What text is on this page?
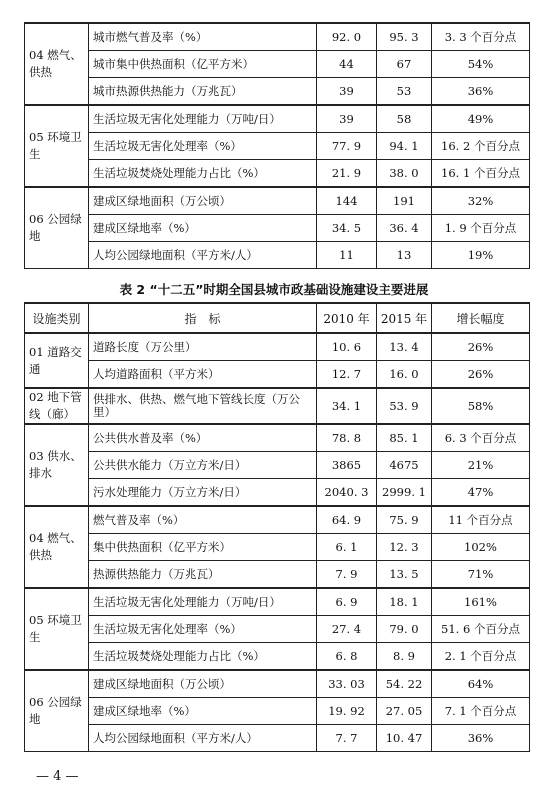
04 燃气、供热	城市燃气普及率（%）	92. 0	95. 3	3. 3 个百分点
	城市集中供热面积（亿平方米）	44	67	54%
	城市热源供热能力（万兆瓦）	39	53	36%
05 环境卫生	生活垃圾无害化处理能力（万吨/日）	39	58	49%
	生活垃圾无害化处理率（%）	77. 9	94. 1	16. 2 个百分点
	生活垃圾焚烧处理能力占比（%）	21. 9	38. 0	16. 1 个百分点
06 公园绿地	建成区绿地面积（万公顷）	144	191	32%
	建成区绿地率（%）	34. 5	36. 4	1. 9 个百分点
	人均公园绿地面积（平方米/人）	11	13	19%
表 2 “十二五”时期全国县城市政基础设施建设主要进展
设施类别	指　标	2010 年	2015 年	增长幅度
01 道路交通	道路长度（万公里）	10. 6	13. 4	26%
	人均道路面积（平方米）	12. 7	16. 0	26%
02 地下管线（廊）	供排水、供热、燃气地下管线长度（万公里）	34. 1	53. 9	58%
03 供水、排水	公共供水普及率（%）	78. 8	85. 1	6. 3 个百分点
	公共供水能力（万立方米/日）	3865	4675	21%
	污水处理能力（万立方米/日）	2040. 3	2999. 1	47%
04 燃气、供热	燃气普及率（%）	64. 9	75. 9	11 个百分点
	集中供热面积（亿平方米）	6. 1	12. 3	102%
	热源供热能力（万兆瓦）	7. 9	13. 5	71%
05 环境卫生	生活垃圾无害化处理能力（万吨/日）	6. 9	18. 1	161%
	生活垃圾无害化处理率（%）	27. 4	79. 0	51. 6 个百分点
	生活垃圾焚烧处理能力占比（%）	6. 8	8. 9	2. 1 个百分点
06 公园绿地	建成区绿地面积（万公顷）	33. 03	54. 22	64%
	建成区绿地率（%）	19. 92	27. 05	7. 1 个百分点
	人均公园绿地面积（平方米/人）	7. 7	10. 47	36%
— 4 —
